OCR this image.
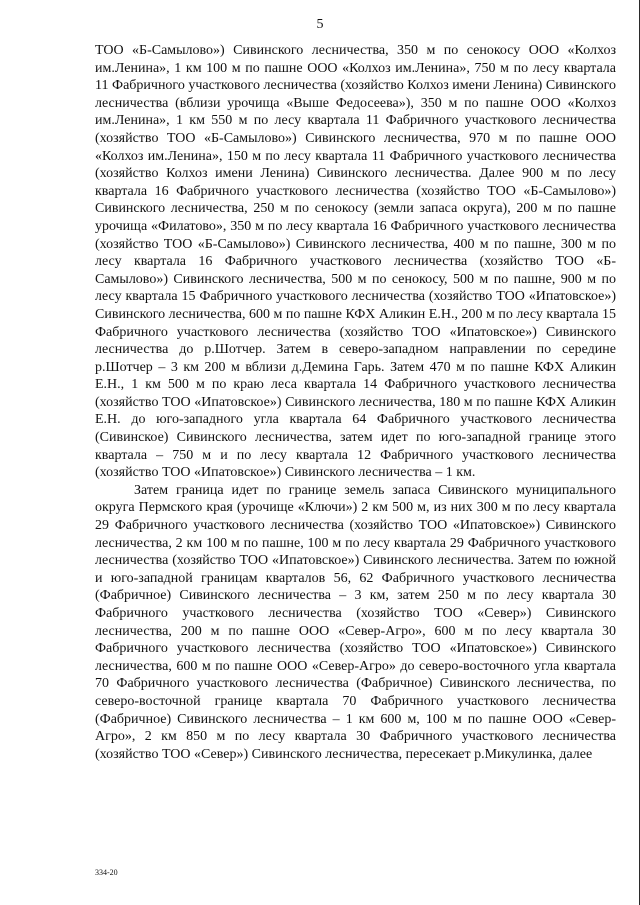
5

ТОО «Б-Самылово») Сивинского лесничества, 350 м по сенокосу ООО «Колхоз им.Ленина», 1 км 100 м по пашне ООО «Колхоз им.Ленина», 750 м по лесу квартала 11 Фабричного участкового лесничества (хозяйство Колхоз имени Ленина) Сивинского лесничества (вблизи урочища «Выше Федосеева»), 350 м по пашне ООО «Колхоз им.Ленина», 1 км 550 м по лесу квартала 11 Фабричного участкового лесничества (хозяйство ТОО «Б-Самылово») Сивинского лесничества, 970 м по пашне ООО «Колхоз им.Ленина», 150 м по лесу квартала 11 Фабричного участкового лесничества (хозяйство Колхоз имени Ленина) Сивинского лесничества. Далее 900 м по лесу квартала 16 Фабричного участкового лесничества (хозяйство ТОО «Б-Самылово») Сивинского лесничества, 250 м по сенокосу (земли запаса округа), 200 м по пашне урочища «Филатово», 350 м по лесу квартала 16 Фабричного участкового лесничества (хозяйство ТОО «Б-Самылово») Сивинского лесничества, 400 м по пашне, 300 м по лесу квартала 16 Фабричного участкового лесничества (хозяйство ТОО «Б-Самылово») Сивинского лесничества, 500 м по сенокосу, 500 м по пашне, 900 м по лесу квартала 15 Фабричного участкового лесничества (хозяйство ТОО «Ипатовское») Сивинского лесничества, 600 м по пашне КФХ Аликин Е.Н., 200 м по лесу квартала 15 Фабричного участкового лесничества (хозяйство ТОО «Ипатовское») Сивинского лесничества до р.Шотчер. Затем в северо-западном направлении по середине р.Шотчер – 3 км 200 м вблизи д.Демина Гарь. Затем 470 м по пашне КФХ Аликин Е.Н., 1 км 500 м по краю леса квартала 14 Фабричного участкового лесничества (хозяйство ТОО «Ипатовское») Сивинского лесничества, 180 м по пашне КФХ Аликин Е.Н. до юго-западного угла квартала 64 Фабричного участкового лесничества (Сивинское) Сивинского лесничества, затем идет по юго-западной границе этого квартала – 750 м и по лесу квартала 12 Фабричного участкового лесничества (хозяйство ТОО «Ипатовское») Сивинского лесничества – 1 км.

Затем граница идет по границе земель запаса Сивинского муниципального округа Пермского края (урочище «Ключи») 2 км 500 м, из них 300 м по лесу квартала 29 Фабричного участкового лесничества (хозяйство ТОО «Ипатовское») Сивинского лесничества, 2 км 100 м по пашне, 100 м по лесу квартала 29 Фабричного участкового лесничества (хозяйство ТОО «Ипатовское») Сивинского лесничества. Затем по южной и юго-западной границам кварталов 56, 62 Фабричного участкового лесничества (Фабричное) Сивинского лесничества – 3 км, затем 250 м по лесу квартала 30 Фабричного участкового лесничества (хозяйство ТОО «Север») Сивинского лесничества, 200 м по пашне ООО «Север-Агро», 600 м по лесу квартала 30 Фабричного участкового лесничества (хозяйство ТОО «Ипатовское») Сивинского лесничества, 600 м по пашне ООО «Север-Агро» до северо-восточного угла квартала 70 Фабричного участкового лесничества (Фабричное) Сивинского лесничества, по северо-восточной границе квартала 70 Фабричного участкового лесничества (Фабричное) Сивинского лесничества – 1 км 600 м, 100 м по пашне ООО «Север-Агро», 2 км 850 м по лесу квартала 30 Фабричного участкового лесничества (хозяйство ТОО «Север») Сивинского лесничества, пересекает р.Микулинка, далее

334-20
